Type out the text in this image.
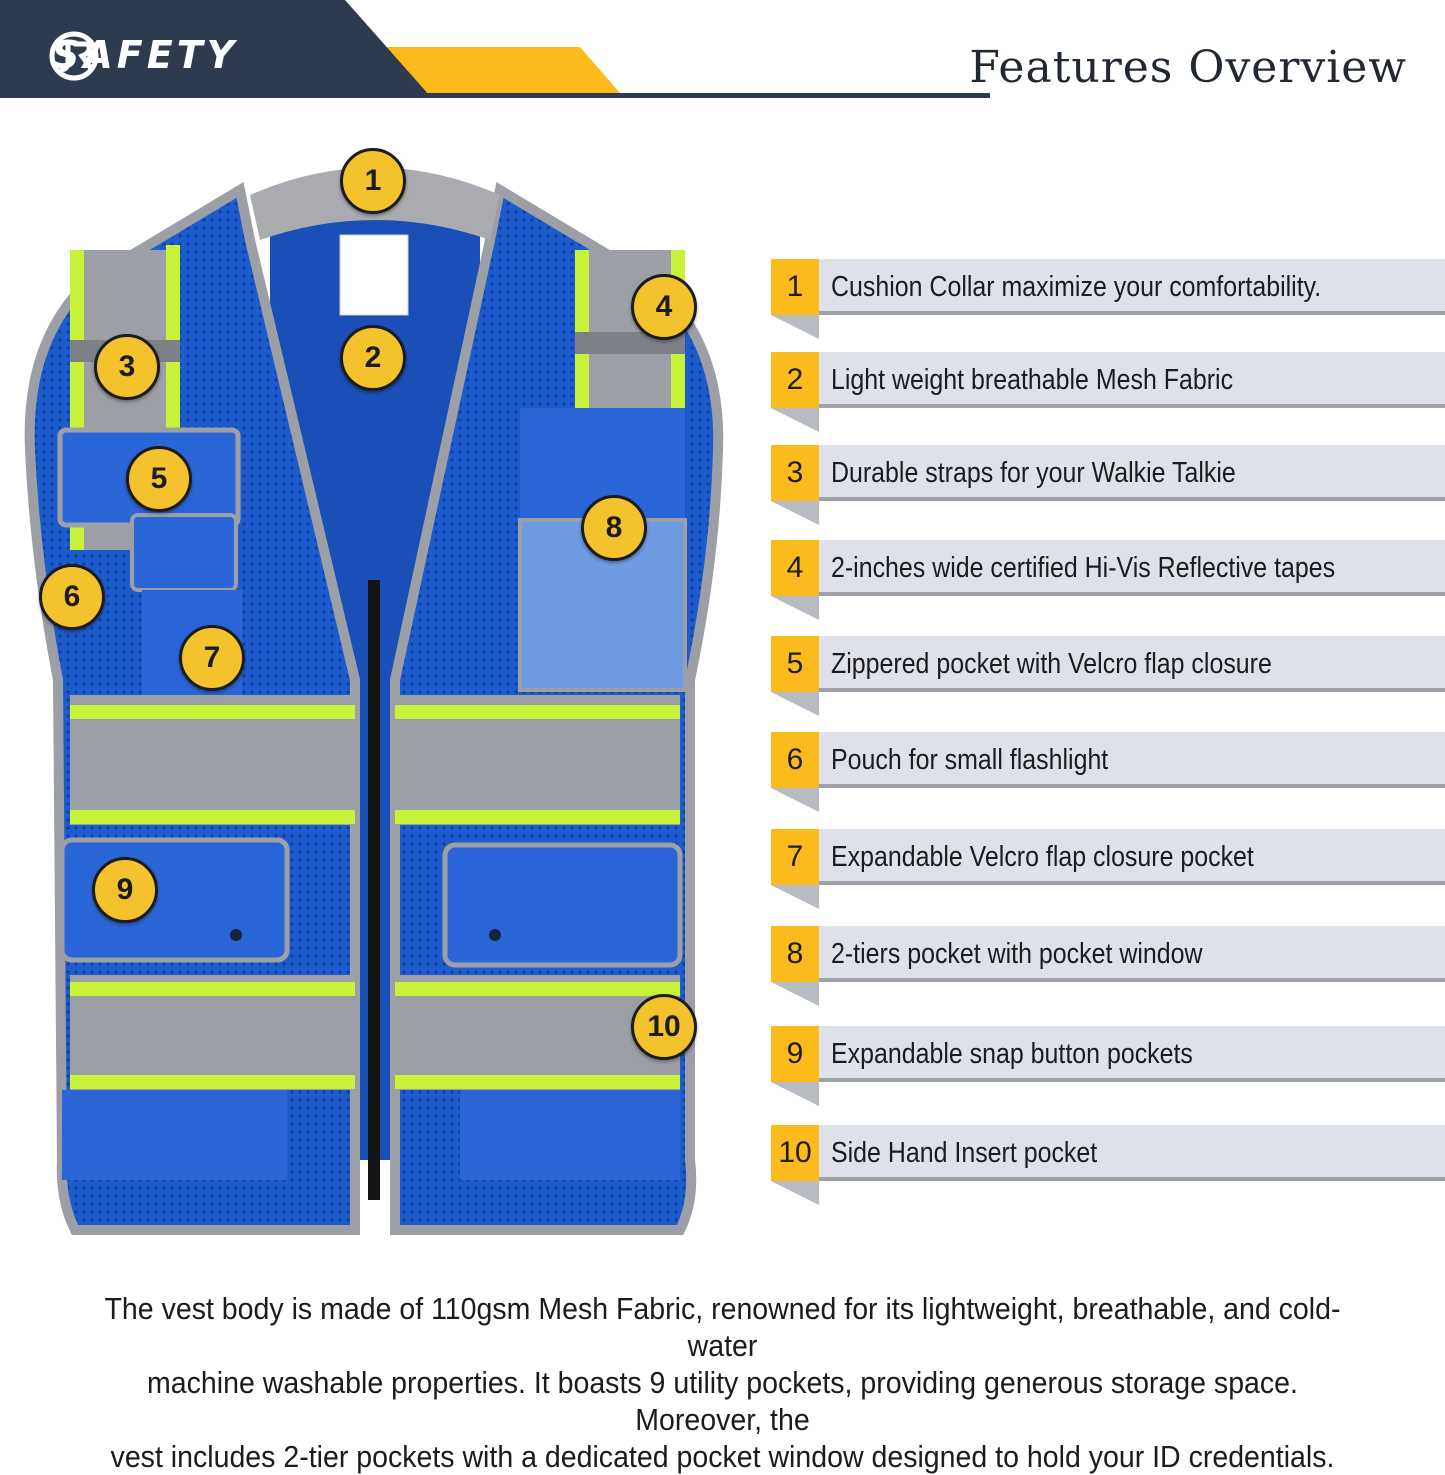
SAFETY	Features Overview
1
2
3
4
5
6
7
8
9
10
1 Cushion Collar maximize your comfortability.
2 Light weight breathable Mesh Fabric
3 Durable straps for your Walkie Talkie
4 2-inches wide certified Hi-Vis Reflective tapes
5 Zippered pocket with Velcro flap closure
6 Pouch for small flashlight
7 Expandable Velcro flap closure pocket
8 2-tiers pocket with pocket window
9 Expandable snap button pockets
10 Side Hand Insert pocket
The vest body is made of 110gsm Mesh Fabric, renowned for its lightweight, breathable, and cold-water
machine washable properties. It boasts 9 utility pockets, providing generous storage space. Moreover, the
vest includes 2-tier pockets with a dedicated pocket window designed to hold your ID credentials.
